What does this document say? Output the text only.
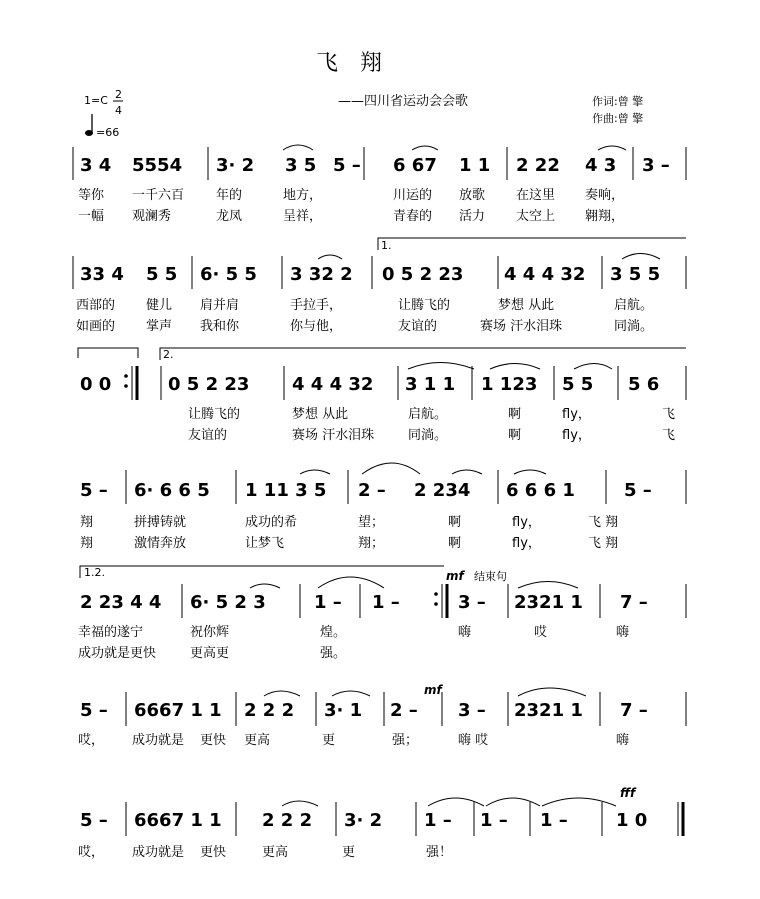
飞翔
——四川省运动会会歌
1=C 2
4
=66
作词:曾 擎
作曲:曾 擎
3 4 5554 3· 2 3 5 5 – 6 67 1 1 2 22 4 3 3 –
等你 一千六百 年的	地方，	川运的 放歌 在这里 奏响，
一幅 观澜秀	龙凤	呈祥，	青春的 活力 太空上 翱翔，
1.
33 4 5 5 6· 5 5 3 32 2 0 5 2 23 4 4 4 32 3 5 5
西部的 健儿 肩并肩	手拉手，	让腾飞的	梦想 从此	启航。
如画的 掌声 我和你	你与他，	友谊的	赛场 汗水泪珠	同淌。
2.
0 0	0 5 2 23 4 4 4 32 3 1 1 1 123 5 5 5 6
让腾飞的	梦想 从此	启航。	啊	fly，	飞
友谊的	赛场 汗水泪珠	同淌。	啊	fly，	飞
5 – 6· 6 6 5 1 11 3 5 2 – 2 234 6 6 6 1	5 –
翔	拼搏铸就	成功的希	望；	啊	fly，	飞 翔
翔	激情奔放	让梦飞	翔；	啊	fly，	飞 翔
1.2.	mf 结束句
2 23 4 4 6· 5 2 3	1 – 1 –	3 – 2321 1 7 –
幸福的遂宁	祝你辉	煌。	嗨	哎	嗨
成功就是更快	更高更	强。
mf
5 – 6667 1 1 2 2 2 3· 1 2 – 3 – 2321 1 7 –
哎， 成功就是 更快 更高	更	强；	嗨 哎	嗨
fff
5 – 6667 1 1 2 2 2 3· 2 1 – 1 – 1 –	1 0
哎， 成功就是 更快	更高	更	强！
